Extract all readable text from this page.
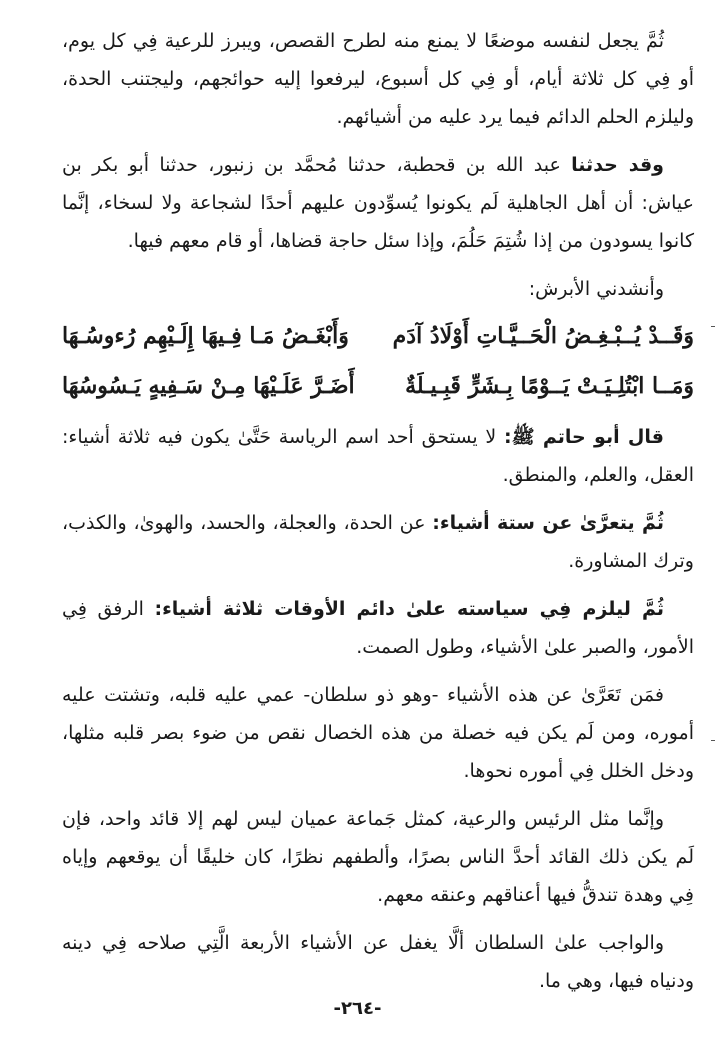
ثُمَّ يجعل لنفسه موضعًا لا يمنع منه لطرح القصص، ويبرز للرعية فِي كل يوم، أو فِي كل ثلاثة أيام، أو فِي كل أسبوع، ليرفعوا إليه حوائجهم، وليجتنب الحدة، وليلزم الحلم الدائم فيما يرد عليه من أشيائهم.

وقد حدثنا عبد الله بن قحطبة، حدثنا مُحمَّد بن زنبور، حدثنا أبو بكر بن عياش: أن أهل الجاهلية لَم يكونوا يُسوِّدون عليهم أحدًا لشجاعة ولا لسخاء، إنَّما كانوا يسودون من إذا شُتِمَ حَلُمَ، وإذا سئل حاجة قضاها، أو قام معهم فيها.

وأنشدني الأبرش:

وَقَــدْ يُــبْـغِـضُ الْحَــيَّـاتِ أَوْلَادُ آدَم
وَأَبْغَـضُ مَـا فِـيهَا إِلَـيْهِم رُءوسُـهَا
وَمَــا ابْتُلِـيَـتْ يَــوْمًا بِـشَرٍّ قَبِـيـلَةٌ
أَضَـرَّ عَلَـيْهَا مِـنْ سَـفِيهٍ يَـسُوسُهَا

قال أبو حاتم ﷺ: لا يستحق أحد اسم الرياسة حَتَّىٰ يكون فيه ثلاثة أشياء: العقل، والعلم، والمنطق.

ثُمَّ يتعرَّىٰ عن ستة أشياء: عن الحدة، والعجلة، والحسد، والهوىٰ، والكذب، وترك المشاورة.

ثُمَّ ليلزم فِي سياسته علىٰ دائم الأوقات ثلاثة أشياء: الرفق فِي الأمور، والصبر علىٰ الأشياء، وطول الصمت.

فمَن تَعَرَّىٰ عن هذه الأشياء -وهو ذو سلطان- عمي عليه قلبه، وتشتت عليه أموره، ومن لَم يكن فيه خصلة من هذه الخصال نقص من ضوء بصر قلبه مثلها، ودخل الخلل فِي أموره نحوها.

وإنَّما مثل الرئيس والرعية، كمثل جَماعة عميان ليس لهم إلا قائد واحد، فإن لَم يكن ذلك القائد أحدَّ الناس بصرًا، وألطفهم نظرًا، كان خليقًا أن يوقعهم وإياه فِي وهدة تندقُّ فيها أعناقهم وعنقه معهم.

والواجب علىٰ السلطان ألَّا يغفل عن الأشياء الأربعة الَّتِي صلاحه فِي دينه ودنياه فيها، وهي ما.

-٢٦٤-
